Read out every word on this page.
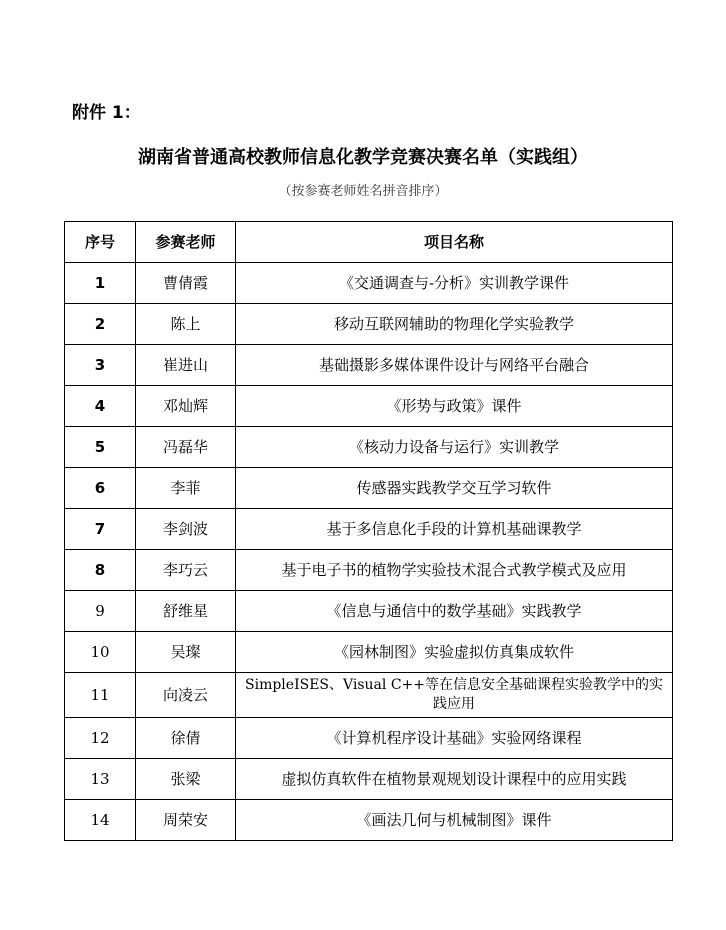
附件 1：
湖南省普通高校教师信息化教学竞赛决赛名单（实践组）
（按参赛老师姓名拼音排序）
序号	参赛老师	项目名称
1	曹倩霞	《交通调查与-分析》实训教学课件
2	陈上	移动互联网辅助的物理化学实验教学
3	崔进山	基础摄影多媒体课件设计与网络平台融合
4	邓灿辉	《形势与政策》课件
5	冯磊华	《核动力设备与运行》实训教学
6	李菲	传感器实践教学交互学习软件
7	李剑波	基于多信息化手段的计算机基础课教学
8	李巧云	基于电子书的植物学实验技术混合式教学模式及应用
9	舒维星	《信息与通信中的数学基础》实践教学
10	吴璨	《园林制图》实验虚拟仿真集成软件
11	向凌云	SimpleISES、Visual C++等在信息安全基础课程实验教学中的实践应用
12	徐倩	《计算机程序设计基础》实验网络课程
13	张梁	虚拟仿真软件在植物景观规划设计课程中的应用实践
14	周荣安	《画法几何与机械制图》课件
